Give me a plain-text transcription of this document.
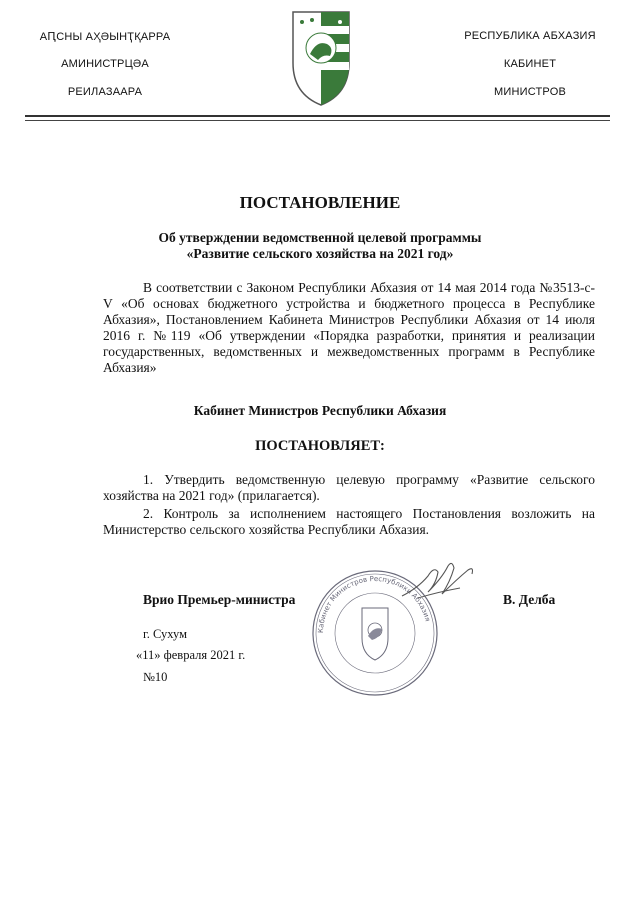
АԤСНЫ АҲӘЫНҬҚАРРА
АМИНИСТРЦӘА
РЕИЛАЗААРА
РЕСПУБЛИКА АБХАЗИЯ
КАБИНЕТ
МИНИСТРОВ
ПОСТАНОВЛЕНИЕ
Об утверждении ведомственной целевой программы
«Развитие сельского хозяйства на 2021 год»
В соответствии с Законом Республики Абхазия от 14 мая 2014 года №3513-с-V «Об основах бюджетного устройства и бюджетного процесса в Республике Абхазия», Постановлением Кабинета Министров Республики Абхазия от 14 июля 2016 г. №119 «Об утверждении «Порядка разработки, принятия и реализации государственных, ведомственных и межведомственных программ в Республике Абхазия»
Кабинет Министров Республики Абхазия
ПОСТАНОВЛЯЕТ:
1. Утвердить ведомственную целевую программу «Развитие сельского хозяйства на 2021 год» (прилагается).
2. Контроль за исполнением настоящего Постановления возложить на Министерство сельского хозяйства Республики Абхазия.
Кабинет Министров Республики Абхазия
Врио Премьер-министра	В. Делба
г. Сухум
«11» февраля 2021 г.
№10
